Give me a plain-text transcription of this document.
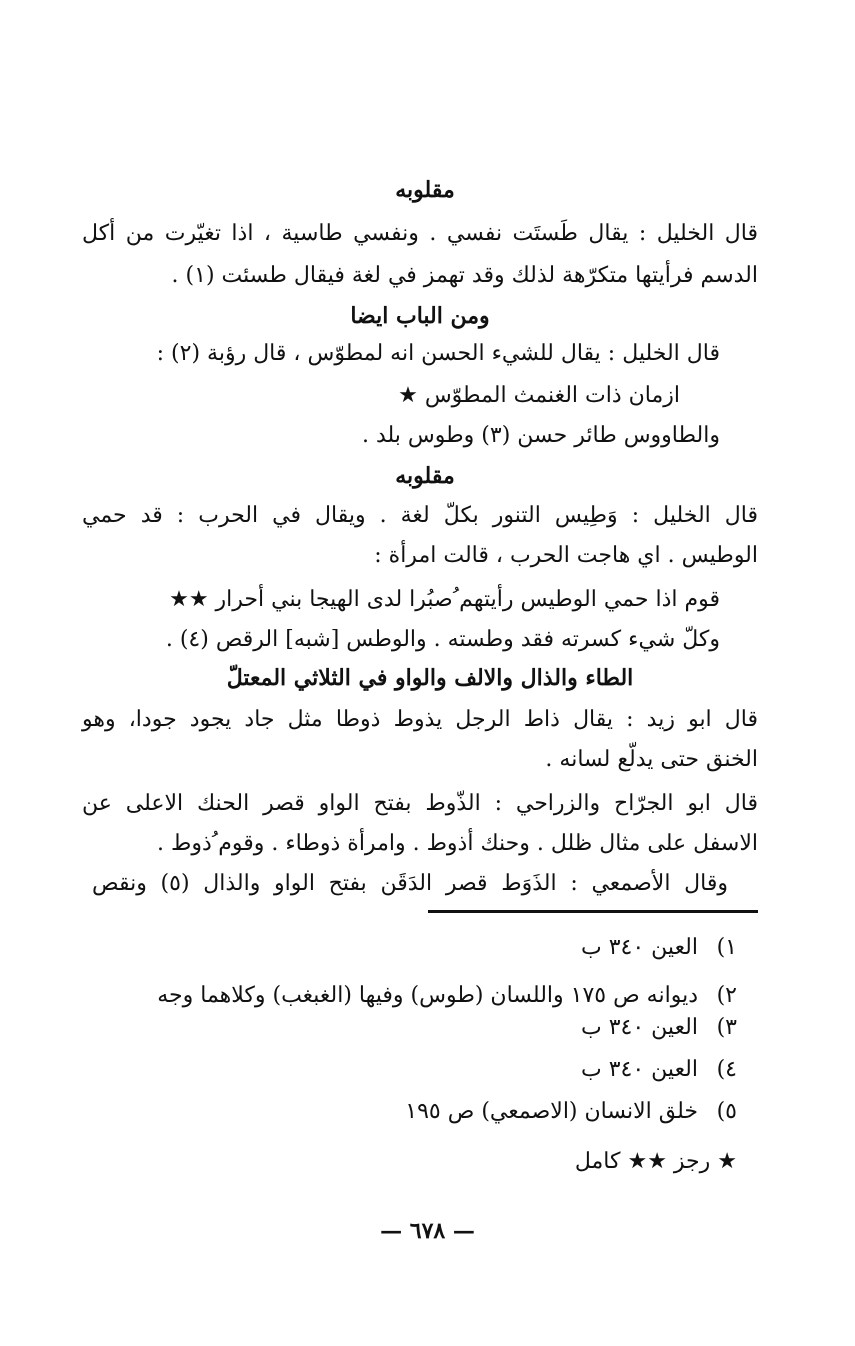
مقلوبه
قال الخليل : يقال طَستَت نفسي . ونفسي طاسية ، اذا تغيّرت من أكل
الدسم فرأيتها متكرّهة لذلك وقد تهمز في لغة فيقال طسئت (١) .
ومن الباب ايضا
قال الخليل : يقال للشيء الحسن انه لمطوّس ، قال رؤبة (٢) :
ازمان ذات الغنمث المطوّس ★
والطاووس طائر حسن (٣) وطوس بلد .
مقلوبه
قال الخليل : وَطِيس التنور بكلّ لغة . ويقال في الحرب : قد حمي
الوطيس . اي هاجت الحرب ، قالت امرأة :
قوم اذا حمي الوطيس رأيتهم ُصبُرا لدى الهيجا بني أحرار ★★
وكلّ شيء كسرته فقد وطسته . والوطس [شبه] الرقص (٤) .
الطاء والذال والالف والواو في الثلاثي المعتلّ
قال ابو زيد : يقال ذاط الرجل يذوط ذوطا مثل جاد يجود جودا، وهو
الخنق حتى يدلّع لسانه .
قال ابو الجرّاح والزراحي : الذّوط بفتح الواو قصر الحنك الاعلى عن
الاسفل على مثال ظلل . وحنك أذوط . وامرأة ذوطاء . وقوم ُذوط .
وقال الأصمعي : الذَوَط قصر الدَقَن بفتح الواو والذال (٥) ونقص
١) العين ٣٤٠ ب
٢) ديوانه ص ١٧٥ واللسان (طوس) وفيها (الغبغب) وكلاهما وجه
٣) العين ٣٤٠ ب
٤) العين ٣٤٠ ب
٥) خلق الانسان (الاصمعي) ص ١٩٥
★ رجز ★★ كامل
— ٦٧٨ —
